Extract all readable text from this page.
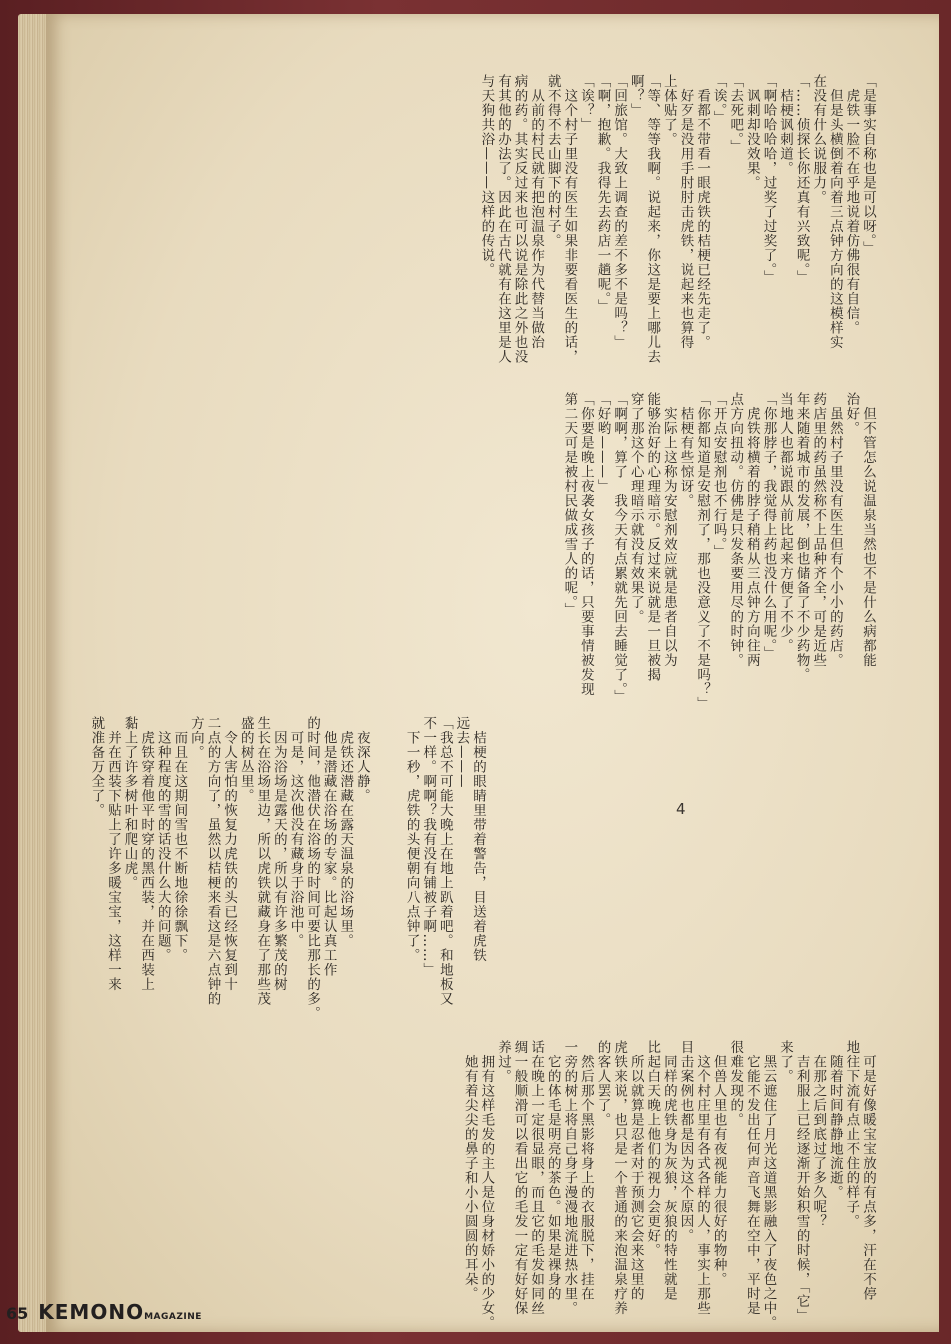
「是事实自称也是可以呀。」

　虎铁一脸不在乎地说着仿佛很有自信。

　但是头横倒着向着三点钟方向的这模样实

在没有什么说服力。

「……侦探长你还真有兴致呢。」

　桔梗讽刺道。

「啊哈哈哈哈，过奖了过奖了。」

　讽刺却没效果。

「去死吧。」

「诶。」

　看都不带看一眼虎铁的桔梗已经先走了。

　好歹是没用手肘肘击虎铁，说起来也算得

上体贴了。

「等、等等我啊。说起来，你这是要上哪儿去

啊？」

「回旅馆。大致上调查的差不多不是吗？」

「啊，抱歉。我得先去药店一趟呢。」

「诶？」

　这个村子里没有医生如果非要看医生的话，

就不得不去山脚下的村子。

　从前的村民就有把泡温泉作为代替当做治

病的药。其实反过来也可以说是除此之外也没

有其他的办法了。因此在古代就有在这里是人

与天狗共浴———这样的传说。

　但不管怎么说温泉当然也不是什么病都能

治好。

　虽然村子里没有医生但有个小小的药店。

药店里的药虽然称不上品种齐全，可是近些

年来随着城市的发展，倒也储备了不少药物。

当地人也都说跟从前比起来方便了不少。

「你那脖子，我觉得上药也没什么用呢。」

　虎铁将横着的脖子稍稍从三点钟方向往两

点方向扭动。仿佛是只发条要用尽的时钟。

「开点安慰剂也不行吗。」

「你都知道是安慰剂了，那也没意义了不是吗？」

　桔梗有些惊讶。

　实际上这称为安慰剂效应就是患者自以为

能够治好的心理暗示。反过来说就是一旦被揭

穿了那这个心理暗示就没有效果了。

「啊啊，算了　我今天有点累就先回去睡觉了。」

「好哟———」

「你要是晚上夜袭女孩子的话，只要事情被发现

第二天可是被村民做成雪人的呢。」

　桔梗的眼睛里带着警告，目送着虎铁

远去———

「我总不可能大晚上在地上趴着吧。和地板又

不一样。啊啊？我有没有铺被子啊……」

　下一秒，虎铁的头便朝向八点钟了。

　夜深人静。

　虎铁还潜藏在露天温泉的浴场里。

　他是潜藏在浴场的专家。比起认真工作

的时间，他潜伏在浴场的时间可要比那长的多。

　可是，这次他没有藏身于浴池中。

　因为浴场是露天的，所以有许多繁茂的树

生长在浴场里边，所以虎铁就藏身在了那些茂

盛的树丛里。

　令人害怕的恢复力虎铁的头已经恢复到十

二点的方向了，虽然以桔梗来看这是六点钟的

方向。

　而且在这期间雪也不断地徐徐飘下。

　这种程度的雪的话没什么大的问题。

　虎铁穿着他平时穿的黑西装，并在西装上

黏上了许多树叶和爬山虎。

　并在西装下贴上了许多暖宝宝，这样一来

就准备万全了。

　可是好像暖宝宝放的有点多，汗在不停

地往下流有点止不住的样子。

　随着时间静静地流逝。

　在那之后到底过了多久呢？

　吉利服上已经逐渐开始积雪的时候，「它」

来了。

　黑云遮住了月光这道黑影融入了夜色之中。

　它能不发出任何声音飞舞在空中，平时是

很难发现的。

　但兽人里也有夜视能力很好的物种。

　这个村庄里有各式各样的人，事实上那些

目击案例也都是因为这个原因。

　同样的虎铁身为灰狼，灰狼的特性就是

比起白天晚上他们的视力会更好。

　所以就算是忍者对于预测它会来这里的

虎铁来说，也只是一个普通的来泡温泉疗养

的客人罢了。

　然后那个黑影将身上的衣服脱下，挂在

一旁的树上将自己身子漫漫地流进热水里。

　它的体毛是明亮的茶色。如果是裸身的

话在晚上一定很显眼，而且它的毛发如同丝

绸一般顺滑可以看出它的毛发一定有好好保

养过。

　拥有这样毛发的主人是位身材娇小的少女。

　她有着尖尖的鼻子和小小圆圆的耳朵。

4
65 KEMONOMAGAZINE
